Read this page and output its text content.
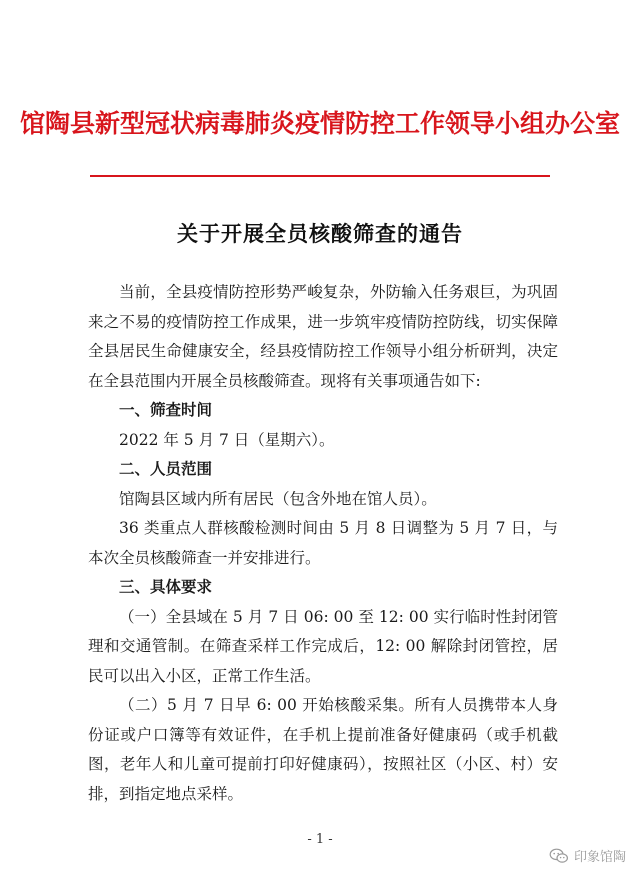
馆陶县新型冠状病毒肺炎疫情防控工作领导小组办公室
关于开展全员核酸筛查的通告

当前，全县疫情防控形势严峻复杂，外防输入任务艰巨，为巩固来之不易的疫情防控工作成果，进一步筑牢疫情防控防线，切实保障全县居民生命健康安全，经县疫情防控工作领导小组分析研判，决定在全县范围内开展全员核酸筛查。现将有关事项通告如下:

一、筛查时间

2022 年 5 月 7 日（星期六）。

二、人员范围

馆陶县区域内所有居民（包含外地在馆人员）。

36 类重点人群核酸检测时间由 5 月 8 日调整为 5 月 7 日，与本次全员核酸筛查一并安排进行。

三、具体要求

（一）全县域在 5 月 7 日 06: 00 至 12: 00 实行临时性封闭管理和交通管制。在筛查采样工作完成后，12: 00 解除封闭管控，居民可以出入小区，正常工作生活。

（二）5 月 7 日早 6: 00 开始核酸采集。所有人员携带本人身份证或户口簿等有效证件，在手机上提前准备好健康码（或手机截图，老年人和儿童可提前打印好健康码），按照社区（小区、村）安排，到指定地点采样。

- 1 -
印象馆陶
